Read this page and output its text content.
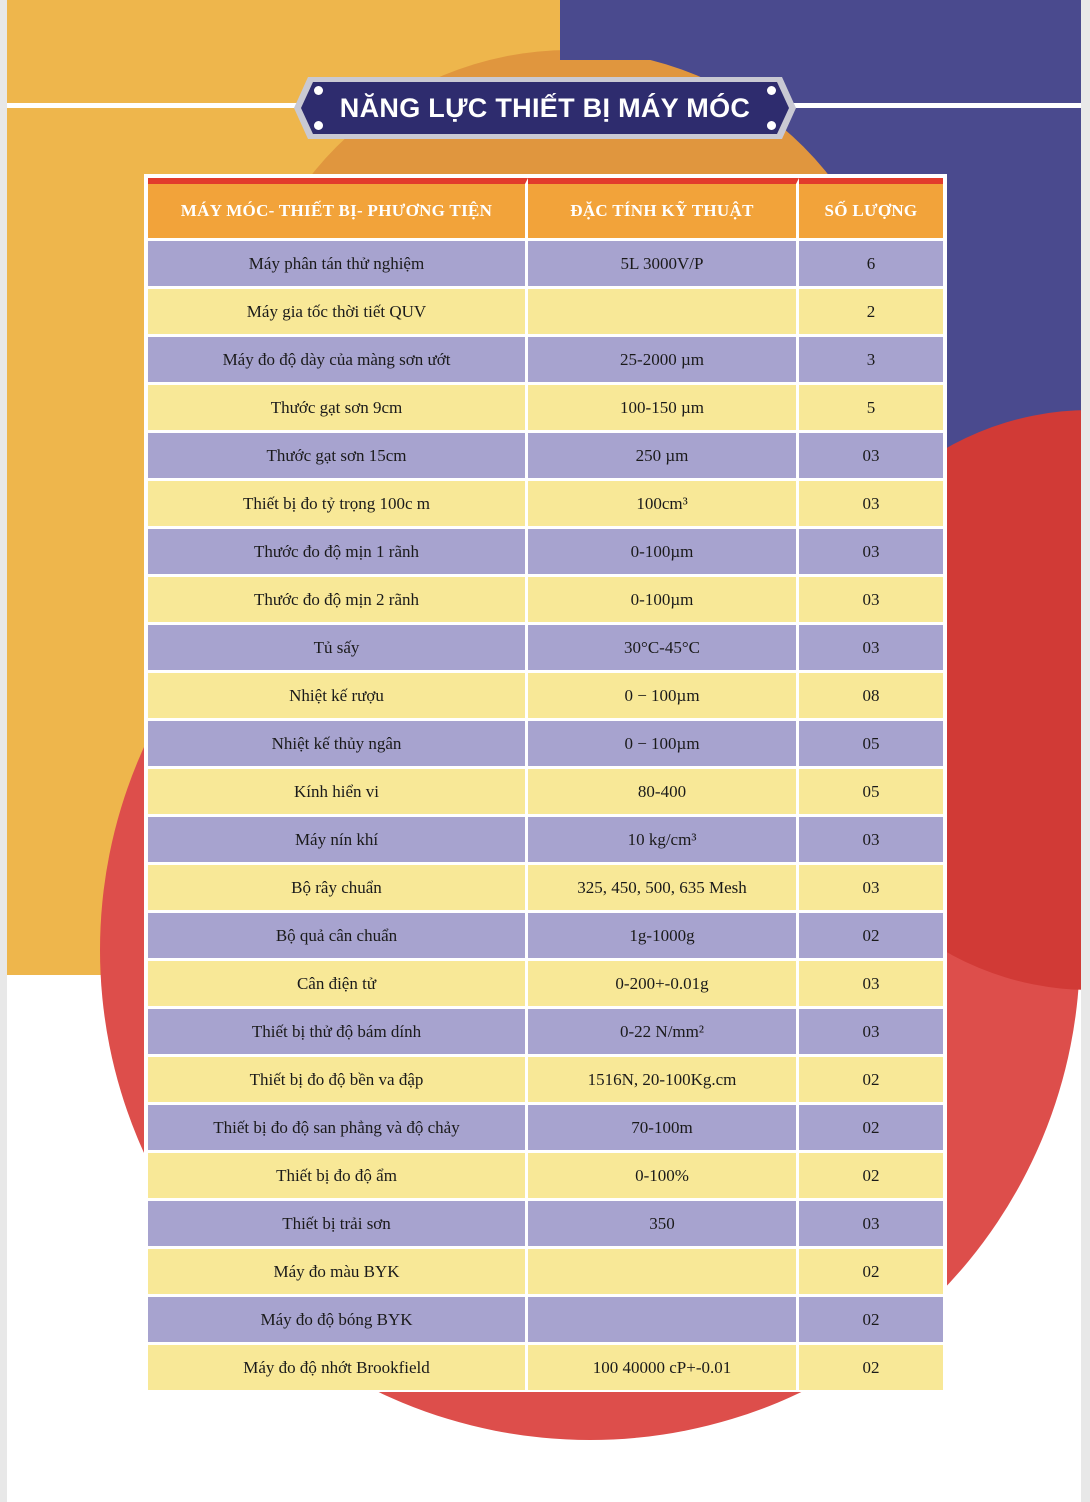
NĂNG LỰC THIẾT BỊ MÁY MÓC
MÁY MÓC- THIẾT BỊ- PHƯƠNG TIỆN	ĐẶC TÍNH KỸ THUẬT	SỐ LƯỢNG
Máy phân tán thử nghiệm	5L 3000V/P	6
Máy gia tốc thời tiết QUV		2
Máy đo độ dày của màng sơn ướt	25-2000 µm	3
Thước gạt sơn 9cm	100-150 µm	5
Thước gạt sơn 15cm	250 µm	03
Thiết bị đo tỷ trọng 100c m	100cm³	03
Thước đo độ mịn 1 rãnh	0-100µm	03
Thước đo độ mịn 2 rãnh	0-100µm	03
Tủ sấy	30°C-45°C	03
Nhiệt kế rượu	0 − 100µm	08
Nhiệt kế thủy ngân	0 − 100µm	05
Kính hiển vi	80-400	05
Máy nín khí	10 kg/cm³	03
Bộ rây chuẩn	325, 450, 500, 635 Mesh	03
Bộ quả cân chuẩn	1g-1000g	02
Cân điện tử	0-200+-0.01g	03
Thiết bị thử độ bám dính	0-22 N/mm²	03
Thiết bị đo độ bền va đập	1516N, 20-100Kg.cm	02
Thiết bị đo độ san phẳng và độ chảy	70-100m	02
Thiết bị đo độ ẩm	0-100%	02
Thiết bị trải sơn	350	03
Máy đo màu BYK		02
Máy đo độ bóng BYK		02
Máy đo độ nhớt Brookfield	100 40000 cP+-0.01	02
